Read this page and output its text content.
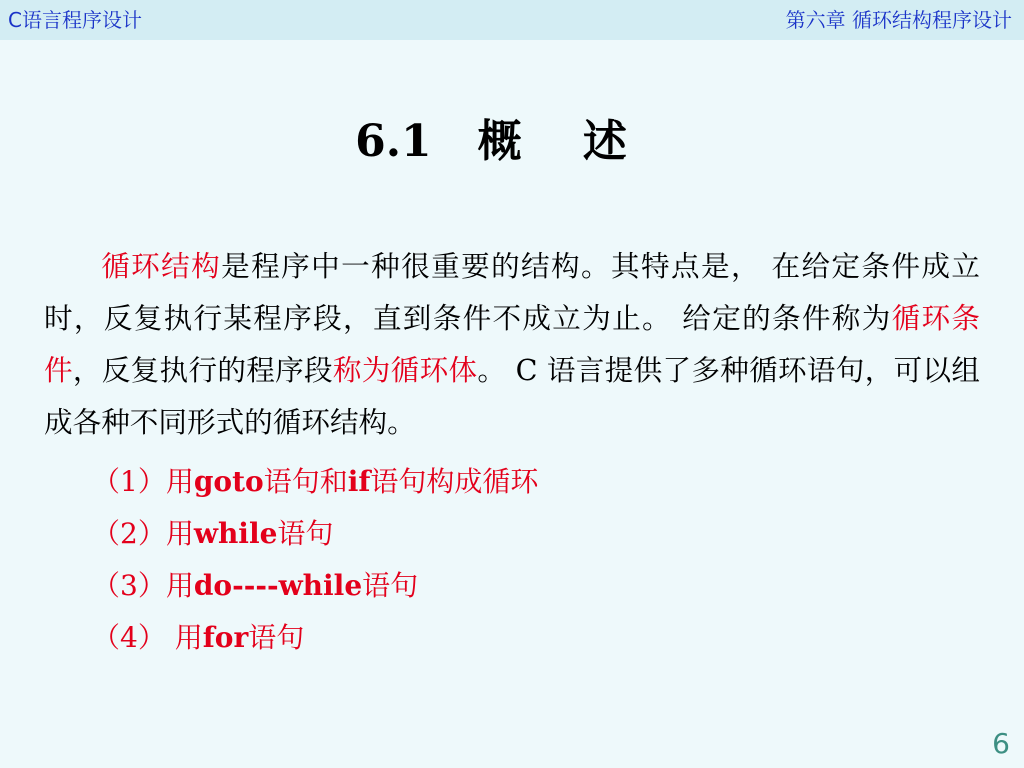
C语言程序设计	第六章 循环结构程序设计
6.1   概    述
循环结构是程序中一种很重要的结构。其特点是， 在给定条件成立时，反复执行某程序段，直到条件不成立为止。 给定的条件称为循环条件，反复执行的程序段称为循环体。 C 语言提供了多种循环语句，可以组成各种不同形式的循环结构。
（1）用goto语句和if语句构成循环
（2）用while语句
（3）用do----while语句
（4） 用for语句
6
